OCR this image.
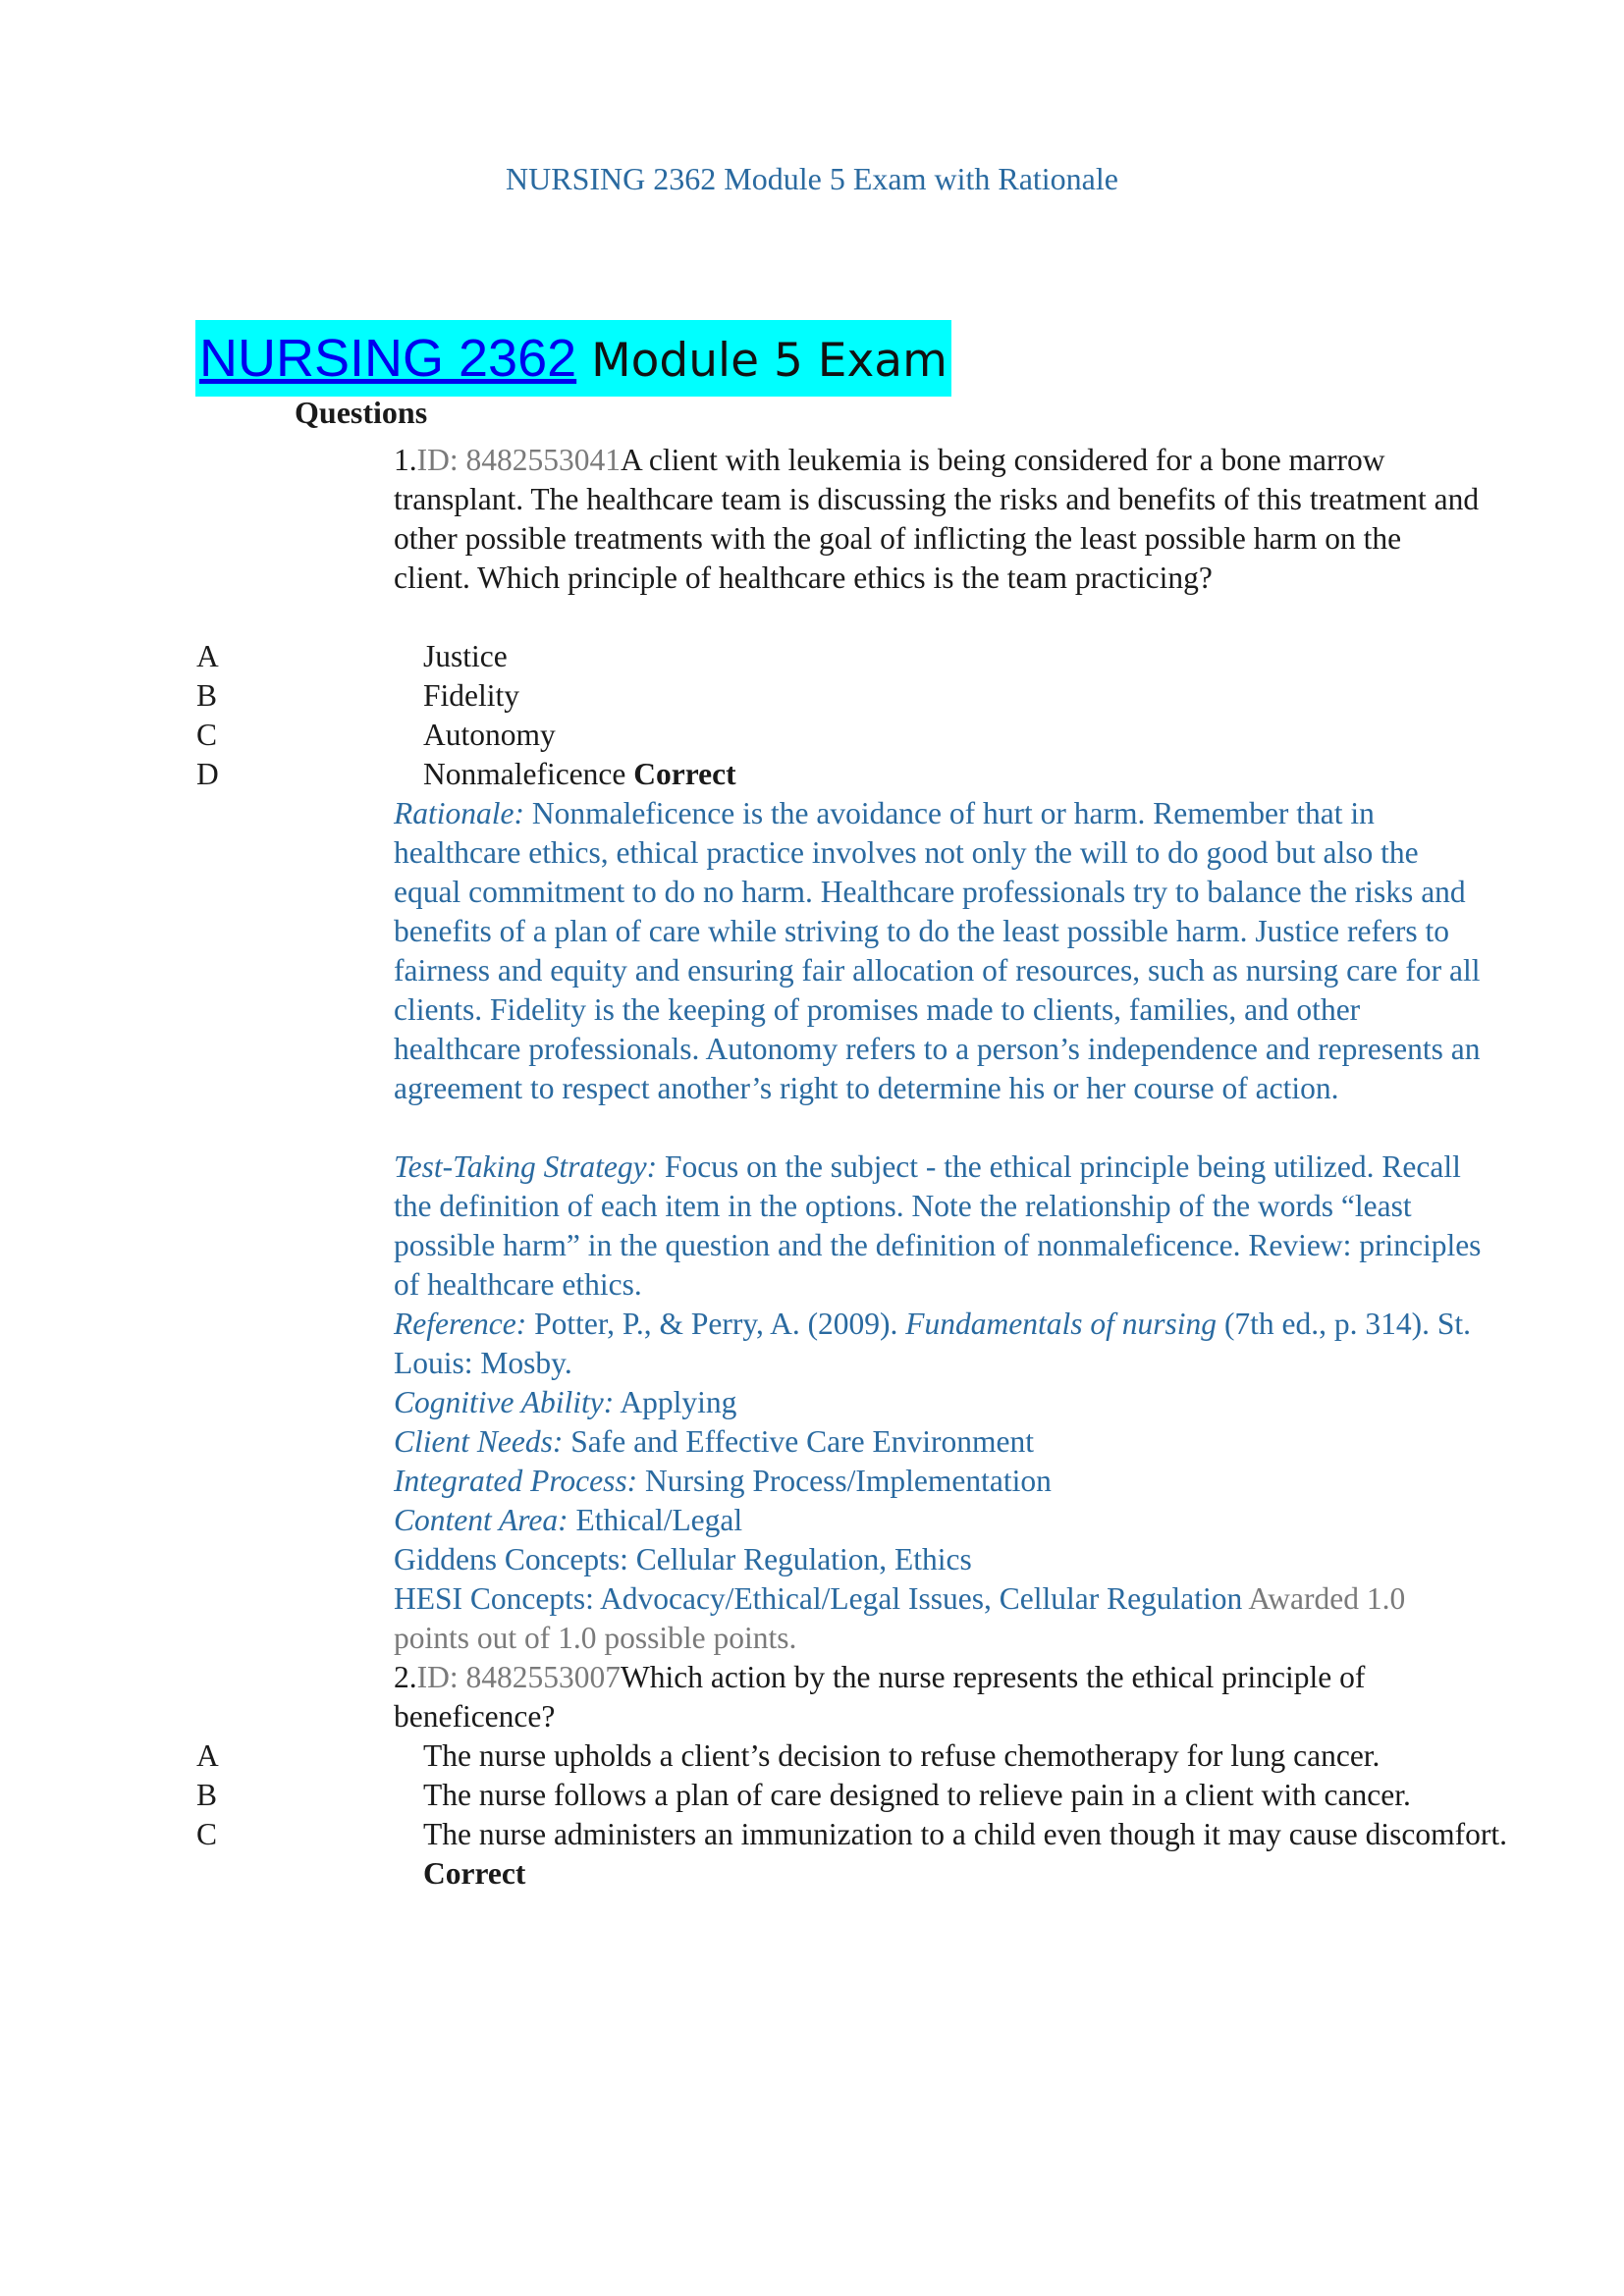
NURSING 2362 Module 5 Exam with Rationale
NURSING 2362 Module 5 Exam
Questions
1.ID: 8482553041A client with leukemia is being considered for a bone marrow transplant. The healthcare team is discussing the risks and benefits of this treatment and other possible treatments with the goal of inflicting the least possible harm on the client. Which principle of healthcare ethics is the team practicing?
A	Justice
B	Fidelity
C	Autonomy
D	Nonmaleficence Correct
Rationale: Nonmaleficence is the avoidance of hurt or harm. Remember that in healthcare ethics, ethical practice involves not only the will to do good but also the equal commitment to do no harm. Healthcare professionals try to balance the risks and benefits of a plan of care while striving to do the least possible harm. Justice refers to fairness and equity and ensuring fair allocation of resources, such as nursing care for all clients. Fidelity is the keeping of promises made to clients, families, and other healthcare professionals. Autonomy refers to a person’s independence and represents an agreement to respect another’s right to determine his or her course of action.
Test-Taking Strategy: Focus on the subject - the ethical principle being utilized. Recall the definition of each item in the options. Note the relationship of the words “least possible harm” in the question and the definition of nonmaleficence. Review: principles of healthcare ethics.
Reference: Potter, P., & Perry, A. (2009). Fundamentals of nursing (7th ed., p. 314). St. Louis: Mosby.
Cognitive Ability: Applying
Client Needs: Safe and Effective Care Environment
Integrated Process: Nursing Process/Implementation
Content Area: Ethical/Legal
Giddens Concepts: Cellular Regulation, Ethics
HESI Concepts: Advocacy/Ethical/Legal Issues, Cellular Regulation Awarded 1.0 points out of 1.0 possible points.
2.ID: 8482553007Which action by the nurse represents the ethical principle of beneficence?
A	The nurse upholds a client’s decision to refuse chemotherapy for lung cancer.
B	The nurse follows a plan of care designed to relieve pain in a client with cancer.
C	The nurse administers an immunization to a child even though it may cause discomfort. Correct
